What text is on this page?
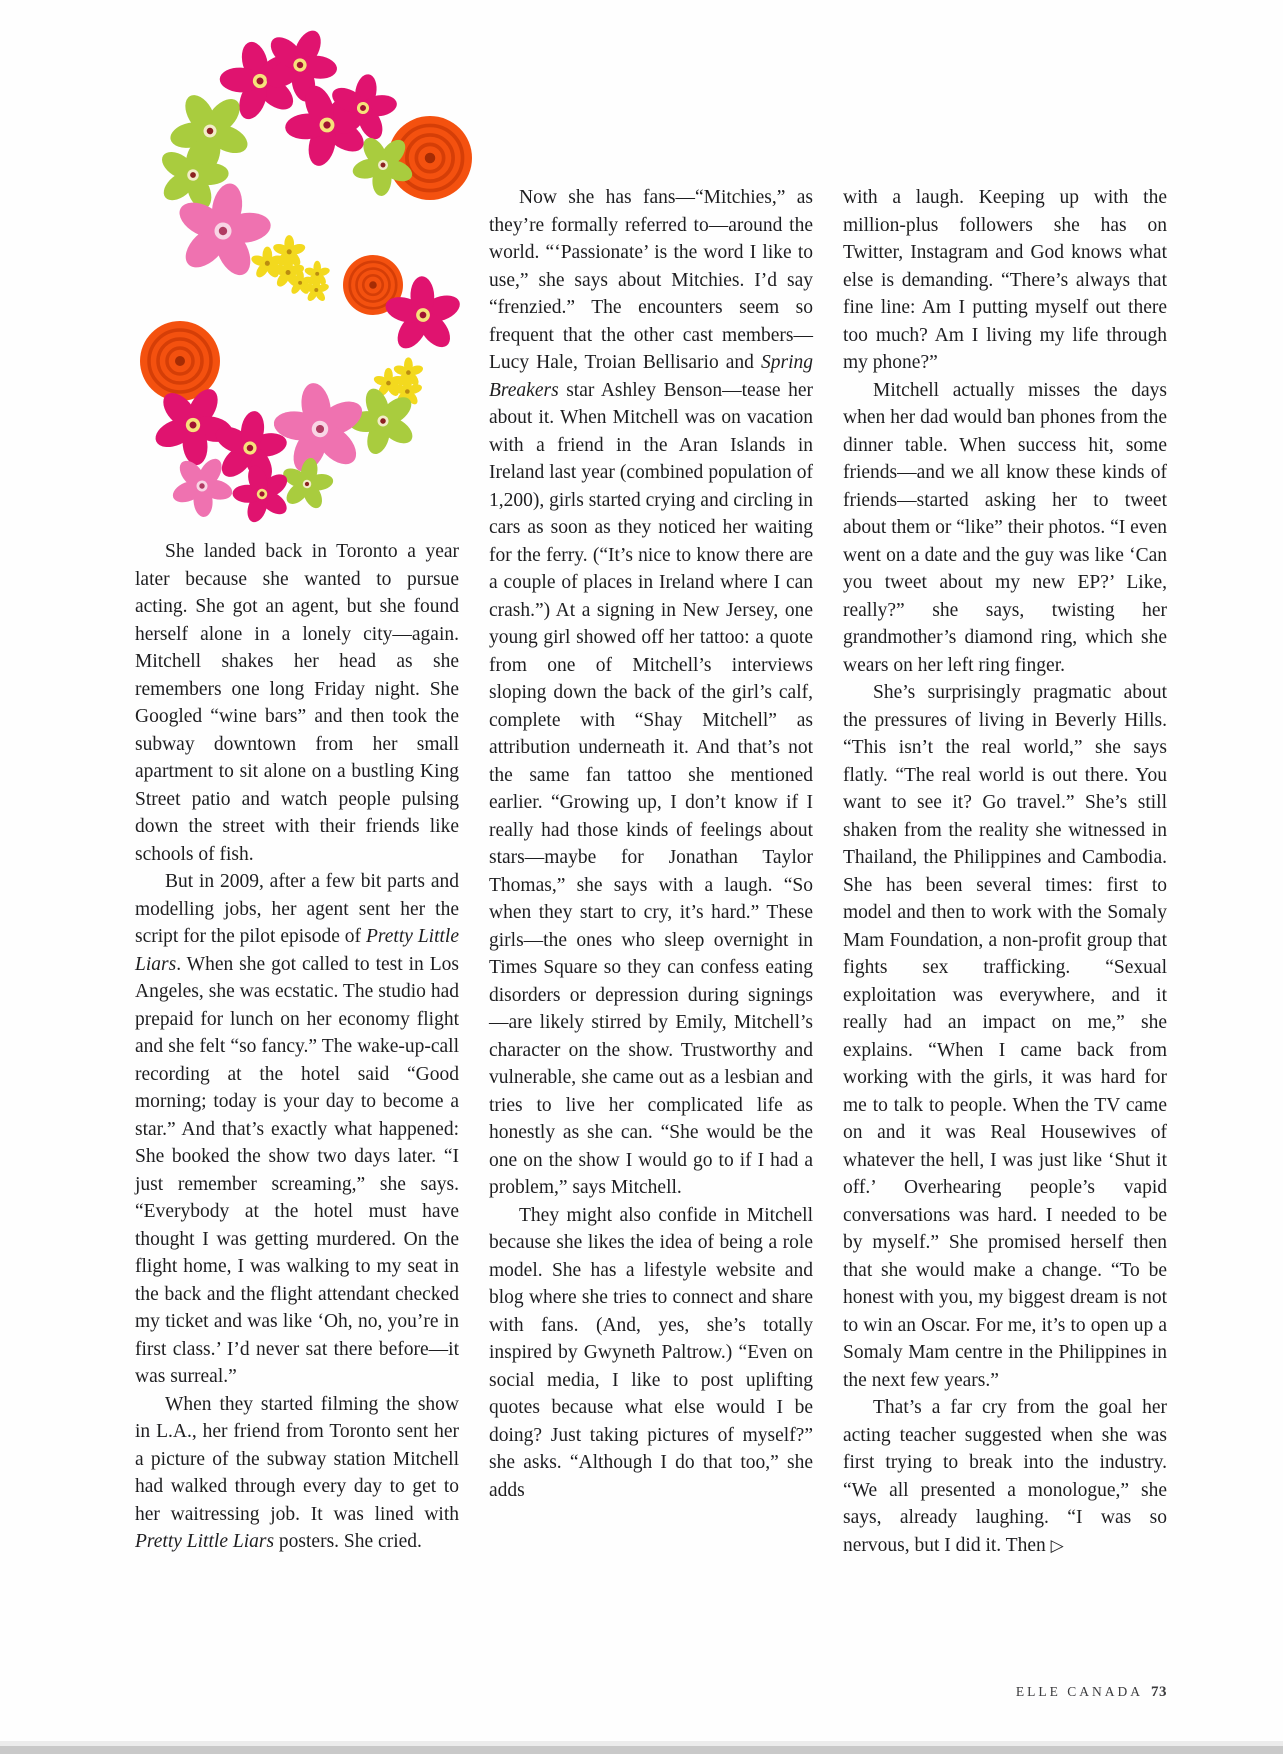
She landed back in Toronto a year later because she wanted to pursue acting. She got an agent, but she found herself alone in a lonely city—again. Mitchell shakes her head as she remembers one long Friday night. She Googled “wine bars” and then took the subway downtown from her small apartment to sit alone on a bustling King Street patio and watch people pulsing down the street with their friends like schools of fish.

But in 2009, after a few bit parts and modelling jobs, her agent sent her the script for the pilot episode of Pretty Little Liars. When she got called to test in Los Angeles, she was ecstatic. The studio had prepaid for lunch on her economy flight and she felt “so fancy.” The wake-up-call recording at the hotel said “Good morning; today is your day to become a star.” And that’s exactly what happened: She booked the show two days later. “I just remember screaming,” she says. “Everybody at the hotel must have thought I was getting murdered. On the flight home, I was walking to my seat in the back and the flight attendant checked my ticket and was like ‘Oh, no, you’re in first class.’ I’d never sat there before—it was surreal.”

When they started filming the show in L.A., her friend from Toronto sent her a picture of the subway station Mitchell had walked through every day to get to her waitressing job. It was lined with Pretty Little Liars posters. She cried.

Now she has fans—“Mitchies,” as they’re formally referred to—around the world. “‘Passionate’ is the word I like to use,” she says about Mitchies. I’d say “frenzied.” The encounters seem so frequent that the other cast members—Lucy Hale, Troian Bellisario and Spring Breakers star Ashley Benson—tease her about it. When Mitchell was on vacation with a friend in the Aran Islands in Ireland last year (combined population of 1,200), girls started crying and circling in cars as soon as they noticed her waiting for the ferry. (“It’s nice to know there are a couple of places in Ireland where I can crash.”) At a signing in New Jersey, one young girl showed off her tattoo: a quote from one of Mitchell’s interviews sloping down the back of the girl’s calf, complete with “Shay Mitchell” as attribution underneath it. And that’s not the same fan tattoo she mentioned earlier. “Growing up, I don’t know if I really had those kinds of feelings about stars—maybe for Jonathan Taylor Thomas,” she says with a laugh. “So when they start to cry, it’s hard.” These girls—the ones who sleep overnight in Times Square so they can confess eating disorders or depression during signings—are likely stirred by Emily, Mitchell’s character on the show. Trustworthy and vulnerable, she came out as a lesbian and tries to live her complicated life as honestly as she can. “She would be the one on the show I would go to if I had a problem,” says Mitchell.

They might also confide in Mitchell because she likes the idea of being a role model. She has a lifestyle website and blog where she tries to connect and share with fans. (And, yes, she’s totally inspired by Gwyneth Paltrow.) “Even on social media, I like to post uplifting quotes because what else would I be doing? Just taking pictures of myself?” she asks. “Although I do that too,” she adds

with a laugh. Keeping up with the million-plus followers she has on Twitter, Instagram and God knows what else is demanding. “There’s always that fine line: Am I putting myself out there too much? Am I living my life through my phone?”

Mitchell actually misses the days when her dad would ban phones from the dinner table. When success hit, some friends—and we all know these kinds of friends—started asking her to tweet about them or “like” their photos. “I even went on a date and the guy was like ‘Can you tweet about my new EP?’ Like, really?” she says, twisting her grandmother’s diamond ring, which she wears on her left ring finger.

She’s surprisingly pragmatic about the pressures of living in Beverly Hills. “This isn’t the real world,” she says flatly. “The real world is out there. You want to see it? Go travel.” She’s still shaken from the reality she witnessed in Thailand, the Philippines and Cambodia. She has been several times: first to model and then to work with the Somaly Mam Foundation, a non-profit group that fights sex trafficking. “Sexual exploitation was everywhere, and it really had an impact on me,” she explains. “When I came back from working with the girls, it was hard for me to talk to people. When the TV came on and it was Real Housewives of whatever the hell, I was just like ‘Shut it off.’ Overhearing people’s vapid conversations was hard. I needed to be by myself.” She promised herself then that she would make a change. “To be honest with you, my biggest dream is not to win an Oscar. For me, it’s to open up a Somaly Mam centre in the Philippines in the next few years.”

That’s a far cry from the goal her acting teacher suggested when she was first trying to break into the industry. “We all presented a monologue,” she says, already laughing. “I was so nervous, but I did it. Then ▷

ELLE CANADA 73
